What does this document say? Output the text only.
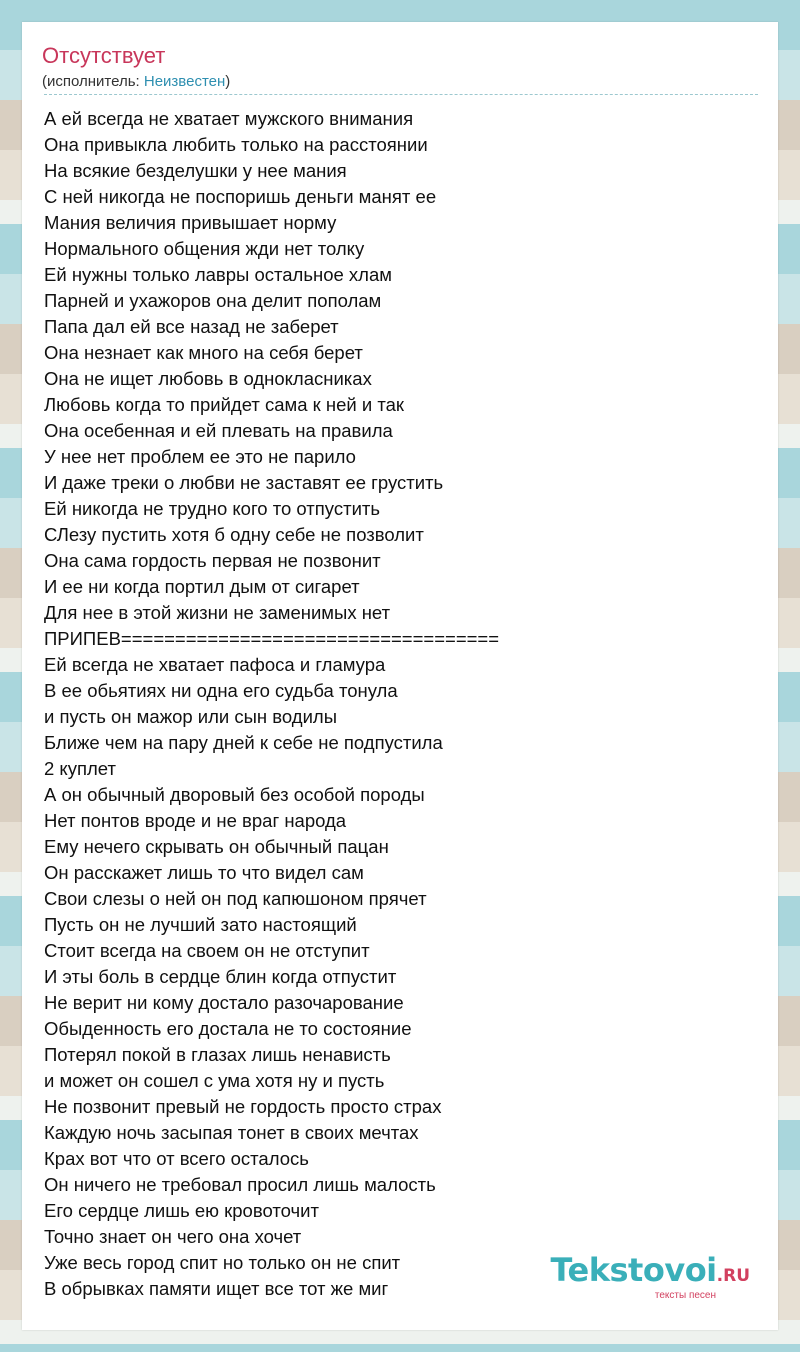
Отсутствует
(исполнитель: Неизвестен)
А ей всегда не хватает мужского внимания
Она привыкла любить только на расстоянии
На всякие безделушки у нее мания
С ней никогда не поспоришь деньги манят ее
Мания величия привышает норму
Нормального общения жди нет толку
Ей нужны только лавры остальное хлам
Парней и ухажоров она делит пополам
Папа дал ей все назад не заберет
Она незнает как много на себя берет
Она не ищет любовь в однокласниках
Любовь когда то прийдет сама к ней и так
Она осебенная и ей плевать на правила
У нее нет проблем ее это не парило
И даже треки о любви не заставят ее грустить
Ей никогда не трудно кого то отпустить
СЛезу пустить хотя б одну себе не позволит
Она сама гордость первая не позвонит
И ее ни когда портил дым от сигарет
Для нее в этой жизни не заменимых нет
ПРИПЕВ===================================
Ей всегда не хватает пафоса и гламура
В ее обьятиях ни одна его судьба тонула
и пусть он мажор или сын водилы
Ближе чем на пару дней к себе не подпустила
2 куплет
А он обычный дворовый без особой породы
Нет понтов вроде и не враг народа
Ему нечего скрывать он обычный пацан
Он расскажет лишь то что видел сам
Свои слезы о ней он под капюшоном прячет
Пусть он не лучший зато настоящий
Стоит всегда на своем он не отступит
И эты боль в сердце блин когда отпустит
Не верит ни кому достало разочарование
Обыденность его достала не то состояние
Потерял покой в глазах лишь ненависть
и может он сошел с ума хотя ну и пусть
Не позвонит превый не гордость просто страх
Каждую ночь засыпая тонет в своих мечтах
Крах вот что от всего осталось
Он ничего не требовал просил лишь малость
Его сердце лишь ею кровоточит
Точно знает он чего она хочет
Уже весь город спит но только он не спит
В обрывках памяти ищет все тот же миг	Tekstovoi.RU
тексты песен
